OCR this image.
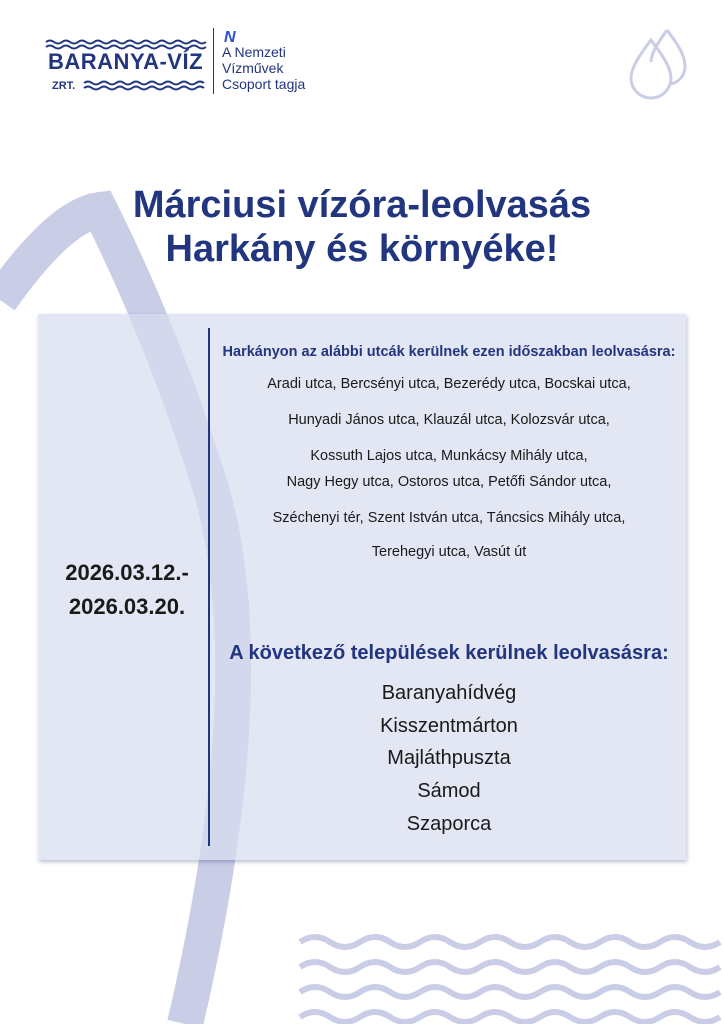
BARANYA-VÍZ
ZRT.
N
A Nemzeti
Vízművek
Csoport tagja
Márciusi vízóra-leolvasás
Harkány és környéke!
2026.03.12.-
2026.03.20.
Harkányon az alábbi utcák kerülnek ezen időszakban leolvasásra:
Aradi utca, Bercsényi utca, Bezerédy utca, Bocskai utca,
Hunyadi János utca, Klauzál utca, Kolozsvár utca,
Kossuth Lajos utca, Munkácsy Mihály utca,
Nagy Hegy utca, Ostoros utca, Petőfi Sándor utca,
Széchenyi tér, Szent István utca, Táncsics Mihály utca,
Terehegyi utca, Vasút út
A következő települések kerülnek leolvasásra:
Baranyahídvég
Kisszentmárton
Majláthpuszta
Sámod
Szaporca
